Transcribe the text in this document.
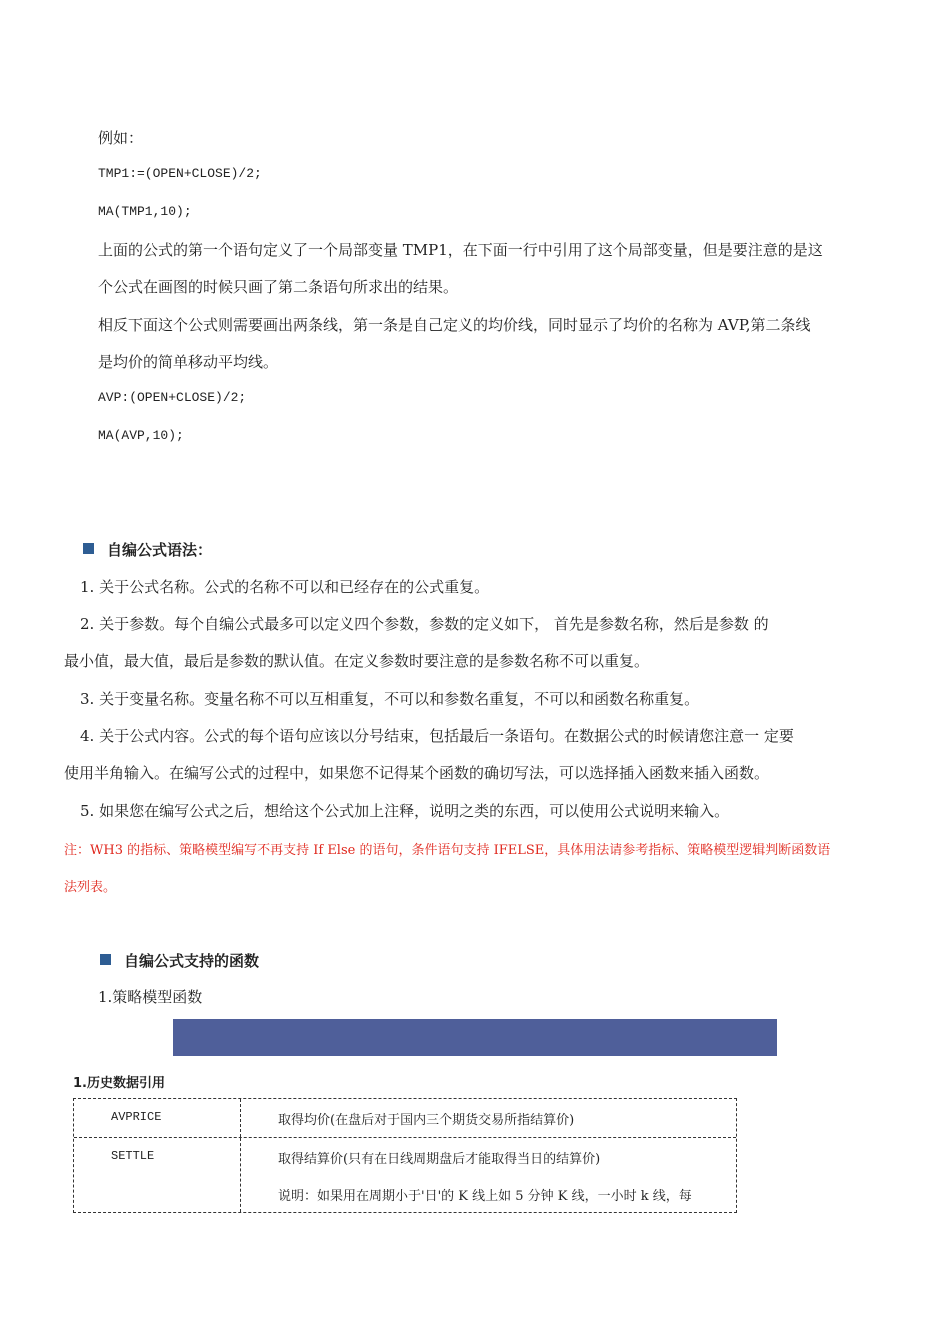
例如：
TMP1:=(OPEN+CLOSE)/2;
MA(TMP1,10);
上面的公式的第一个语句定义了一个局部变量 TMP1，在下面一行中引用了这个局部变量，但是要注意的是这
个公式在画图的时候只画了第二条语句所求出的结果。
相反下面这个公式则需要画出两条线，第一条是自己定义的均价线，同时显示了均价的名称为 AVP,第二条线
是均价的简单移动平均线。
AVP:(OPEN+CLOSE)/2;
MA(AVP,10);
自编公式语法：
1. 关于公式名称。公式的名称不可以和已经存在的公式重复。
2. 关于参数。每个自编公式最多可以定义四个参数，参数的定义如下， 首先是参数名称，然后是参数 的
最小值，最大值，最后是参数的默认值。在定义参数时要注意的是参数名称不可以重复。
3. 关于变量名称。变量名称不可以互相重复，不可以和参数名重复，不可以和函数名称重复。
4. 关于公式内容。公式的每个语句应该以分号结束，包括最后一条语句。在数据公式的时候请您注意一 定要
使用半角输入。在编写公式的过程中，如果您不记得某个函数的确切写法，可以选择插入函数来插入函数。
5. 如果您在编写公式之后，想给这个公式加上注释，说明之类的东西，可以使用公式说明来输入。
注：WH3 的指标、策略模型编写不再支持 If Else 的语句，条件语句支持 IFELSE，具体用法请参考指标、策略模型逻辑判断函数语
法列表。
自编公式支持的函数
1.策略模型函数
1.历史数据引用
AVPRICE	取得均价(在盘后对于国内三个期货交易所指结算价)
SETTLE	取得结算价(只有在日线周期盘后才能取得当日的结算价)
说明：如果用在周期小于'日'的 K 线上如 5 分钟 K 线，一小时 k 线，每
